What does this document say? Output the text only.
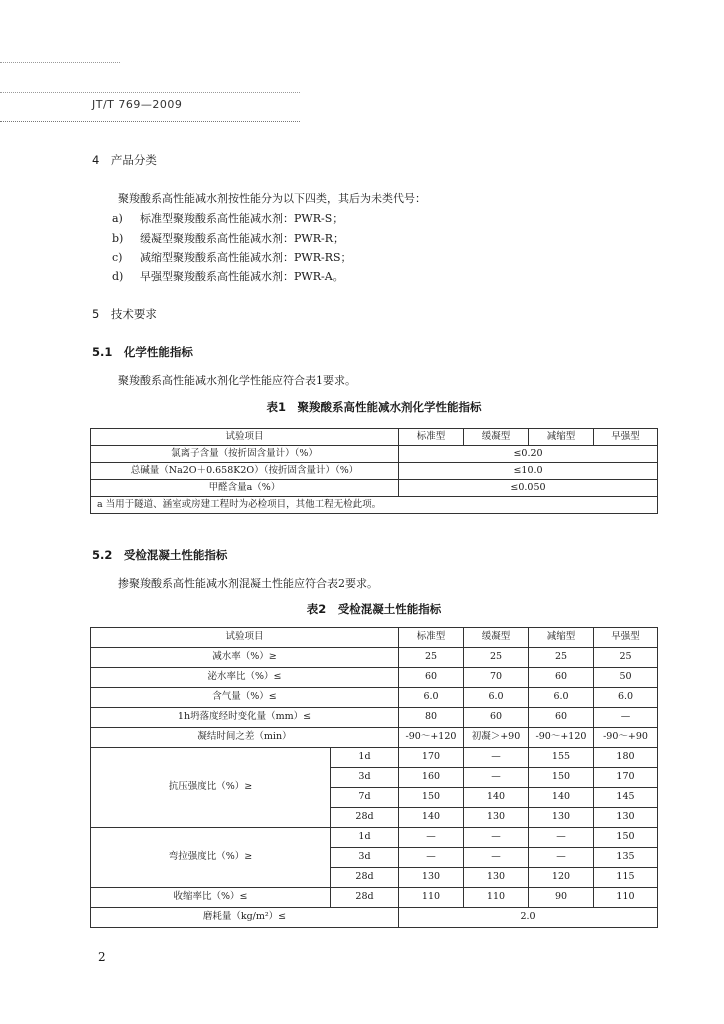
JT/T 769—2009
4　产品分类
聚羧酸系高性能减水剂按性能分为以下四类，其后为未类代号：
a) 标准型聚羧酸系高性能减水剂：PWR-S；
b) 缓凝型聚羧酸系高性能减水剂：PWR-R；
c) 减缩型聚羧酸系高性能减水剂：PWR-RS；
d) 早强型聚羧酸系高性能减水剂：PWR-A。
5　技术要求
5.1　化学性能指标
聚羧酸系高性能减水剂化学性能应符合表1要求。
表1　聚羧酸系高性能减水剂化学性能指标
试验项目	标准型	缓凝型	减缩型	早强型
氯离子含量（按折固含量计）（%）	≤0.20			
总碱量（Na2O＋0.658K2O）（按折固含量计）（%）	≤10.0			
甲醛含量a（%）	≤0.050			
a 当用于隧道、涵室或房建工程时为必检项目，其他工程无检此项。				
5.2　受检混凝土性能指标
掺聚羧酸系高性能减水剂混凝土性能应符合表2要求。
表2　受检混凝土性能指标
试验项目		标准型	缓凝型	减缩型	早强型
减水率（%）≥		25	25	25	25
泌水率比（%）≤		60	70	60	50
含气量（%）≤		6.0	6.0	6.0	6.0
1h坍落度经时变化量（mm）≤		80	60	60	—
凝结时间之差（min）		-90～+120	初凝＞+90	-90～+120	-90～+90
抗压强度比（%）≥	1d	170	—	155	180
	3d	160	—	150	170
	7d	150	140	140	145
	28d	140	130	130	130
弯拉强度比（%）≥	1d	—	—	—	150
	3d	—	—	—	135
	28d	130	130	120	115
收缩率比（%）≤	28d	110	110	90	110
磨耗量（kg/m²）≤		2.0			
2
